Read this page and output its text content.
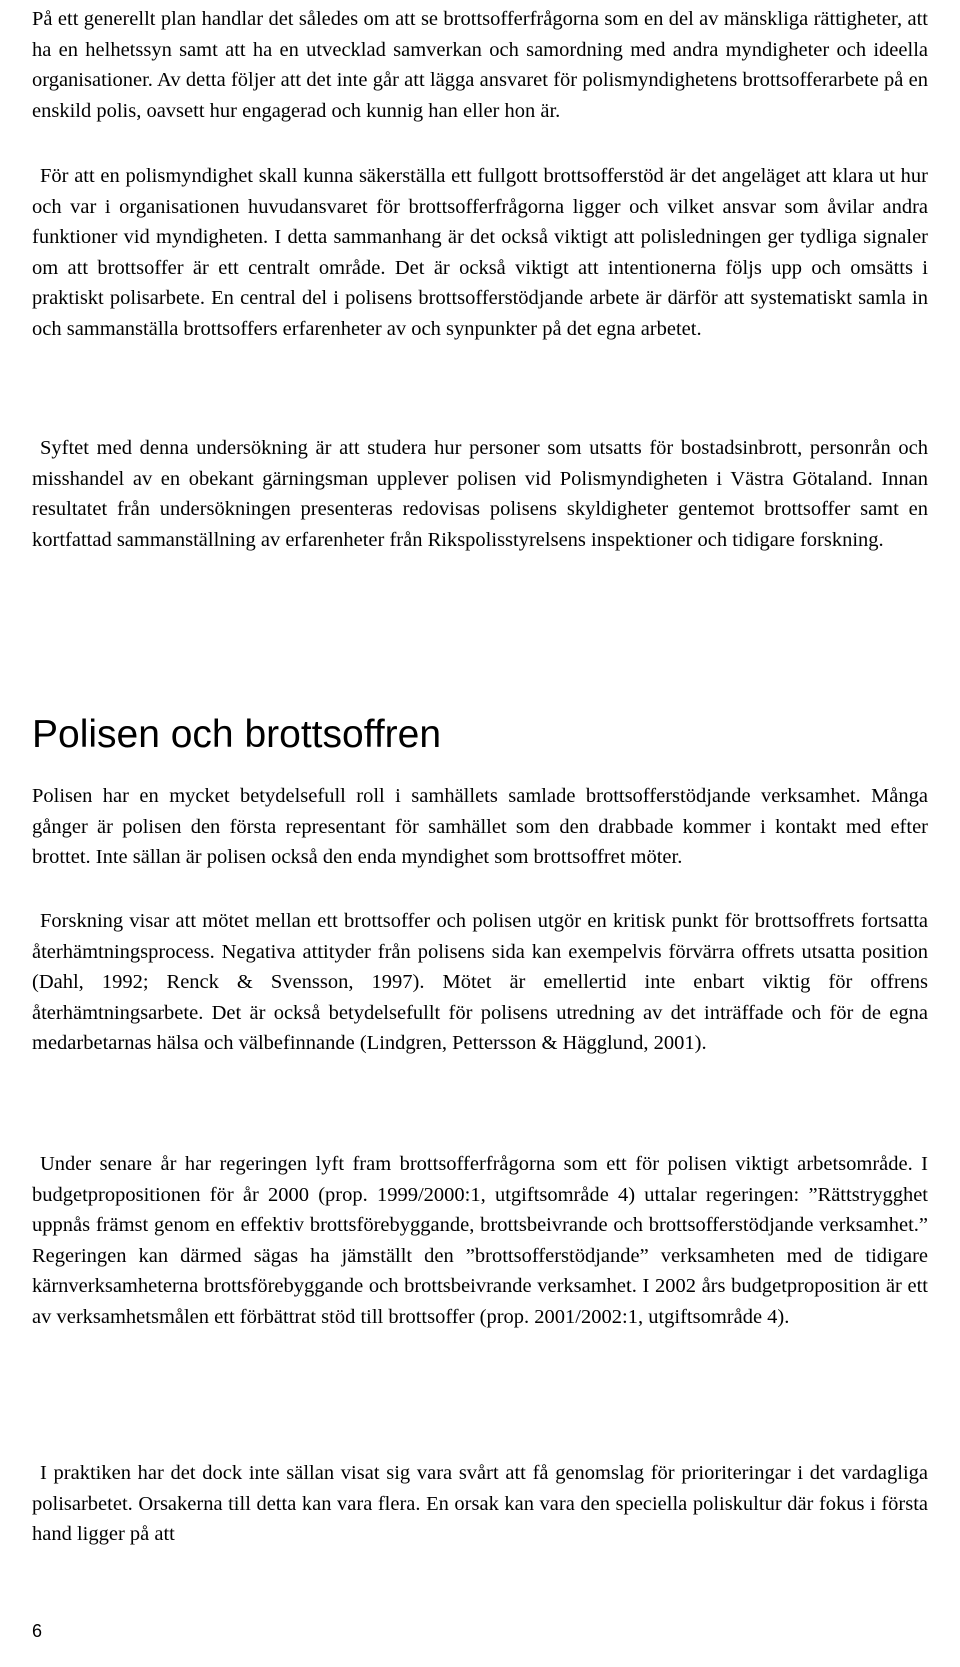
På ett generellt plan handlar det således om att se brottsofferfrågorna som en del av mänskliga rättigheter, att ha en helhetssyn samt att ha en utvecklad samverkan och samordning med andra myndigheter och ideella organisationer. Av detta följer att det inte går att lägga ansvaret för polismyndighetens brottsofferarbete på en enskild polis, oavsett hur engagerad och kunnig han eller hon är.

För att en polismyndighet skall kunna säkerställa ett fullgott brottsofferstöd är det angeläget att klara ut hur och var i organisationen huvudansvaret för brottsofferfrågorna ligger och vilket ansvar som åvilar andra funktioner vid myndigheten. I detta sammanhang är det också viktigt att polisledningen ger tydliga signaler om att brottsoffer är ett centralt område. Det är också viktigt att intentionerna följs upp och omsätts i praktiskt polisarbete. En central del i polisens brottsofferstödjande arbete är därför att systematiskt samla in och sammanställa brottsoffers erfarenheter av och synpunkter på det egna arbetet.

Syftet med denna undersökning är att studera hur personer som utsatts för bostadsinbrott, personrån och misshandel av en obekant gärningsman upplever polisen vid Polismyndigheten i Västra Götaland. Innan resultatet från undersökningen presenteras redovisas polisens skyldigheter gentemot brottsoffer samt en kortfattad sammanställning av erfarenheter från Rikspolisstyrelsens inspektioner och tidigare forskning.

Polisen och brottsoffren

Polisen har en mycket betydelsefull roll i samhällets samlade brottsofferstödjande verksamhet. Många gånger är polisen den första representant för samhället som den drabbade kommer i kontakt med efter brottet. Inte sällan är polisen också den enda myndighet som brottsoffret möter.

Forskning visar att mötet mellan ett brottsoffer och polisen utgör en kritisk punkt för brottsoffrets fortsatta återhämtningsprocess. Negativa attityder från polisens sida kan exempelvis förvärra offrets utsatta position (Dahl, 1992; Renck & Svensson, 1997). Mötet är emellertid inte enbart viktig för offrens återhämtningsarbete. Det är också betydelsefullt för polisens utredning av det inträffade och för de egna medarbetarnas hälsa och välbefinnande (Lindgren, Pettersson & Hägglund, 2001).

Under senare år har regeringen lyft fram brottsofferfrågorna som ett för polisen viktigt arbetsområde. I budgetpropositionen för år 2000 (prop. 1999/2000:1, utgiftsområde 4) uttalar regeringen: ”Rättstrygghet uppnås främst genom en effektiv brottsförebyggande, brottsbeivrande och brottsofferstödjande verksamhet.” Regeringen kan därmed sägas ha jämställt den ”brottsofferstödjande” verksamheten med de tidigare kärnverksamheterna brottsförebyggande och brottsbeivrande verksamhet. I 2002 års budgetproposition är ett av verksamhetsmålen ett förbättrat stöd till brottsoffer (prop. 2001/2002:1, utgiftsområde 4).

I praktiken har det dock inte sällan visat sig vara svårt att få genomslag för prioriteringar i det vardagliga polisarbetet. Orsakerna till detta kan vara flera. En orsak kan vara den speciella poliskultur där fokus i första hand ligger på att

6
